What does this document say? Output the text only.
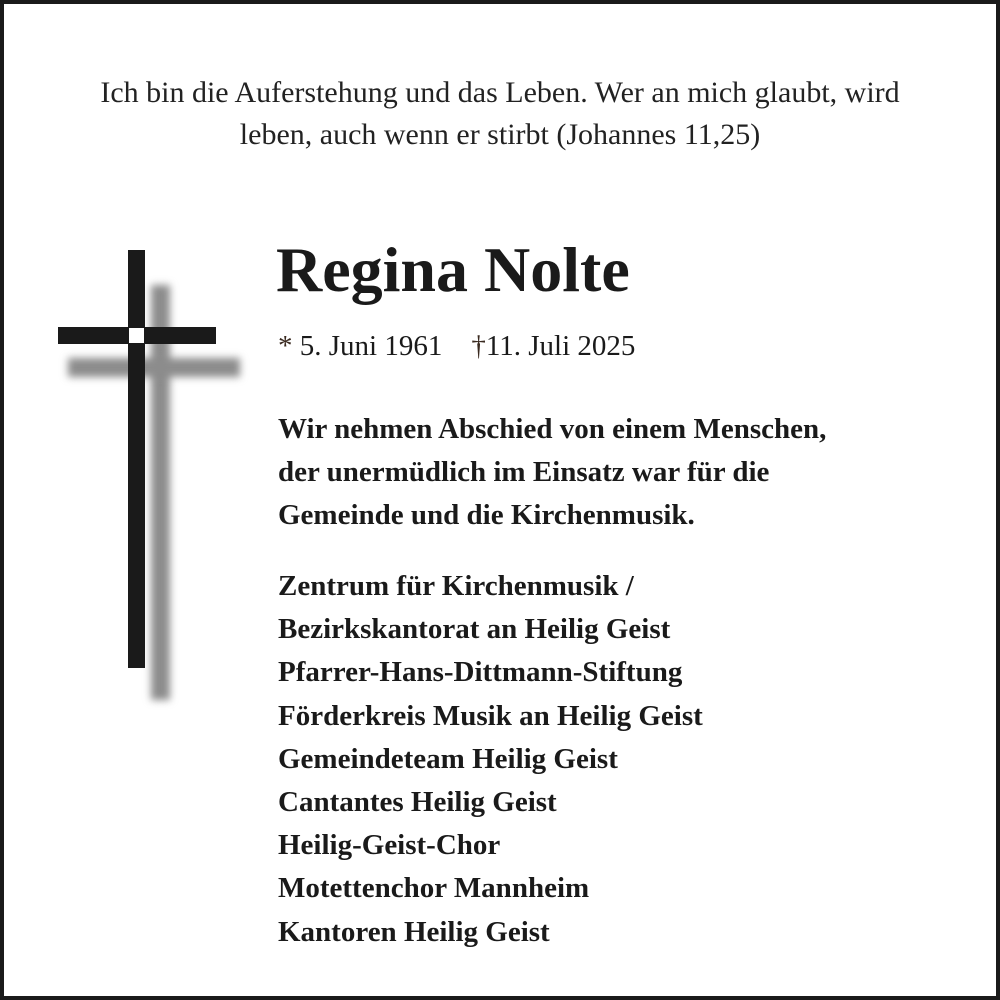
Ich bin die Auferstehung und das Leben. Wer an mich glaubt, wird
leben, auch wenn er stirbt (Johannes 11,25)
Regina Nolte
* 5. Juni 1961 †11. Juli 2025
Wir nehmen Abschied von einem Menschen,
der unermüdlich im Einsatz war für die
Gemeinde und die Kirchenmusik.
Zentrum für Kirchenmusik /
Bezirkskantorat an Heilig Geist
Pfarrer-Hans-Dittmann-Stiftung
Förderkreis Musik an Heilig Geist
Gemeindeteam Heilig Geist
Cantantes Heilig Geist
Heilig-Geist-Chor
Motettenchor Mannheim
Kantoren Heilig Geist
